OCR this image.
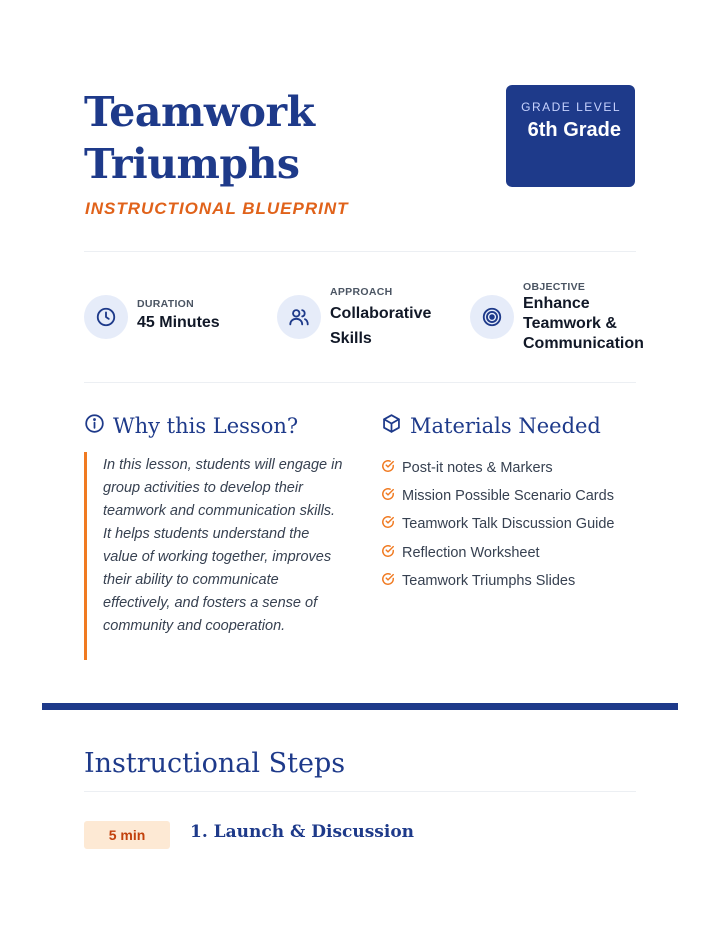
Teamwork Triumphs

INSTRUCTIONAL BLUEPRINT

GRADE LEVEL
6th Grade
DURATION
45 Minutes
APPROACH
Collaborative Skills
OBJECTIVE
Enhance Teamwork & Communication
Why this Lesson?

In this lesson, students will engage in group activities to develop their teamwork and communication skills. It helps students understand the value of working together, improves their ability to communicate effectively, and fosters a sense of community and cooperation.

Materials Needed
Post-it notes & Markers
Mission Possible Scenario Cards
Teamwork Talk Discussion Guide
Reflection Worksheet
Teamwork Triumphs Slides
Instructional Steps
5 min	1. Launch & Discussion
